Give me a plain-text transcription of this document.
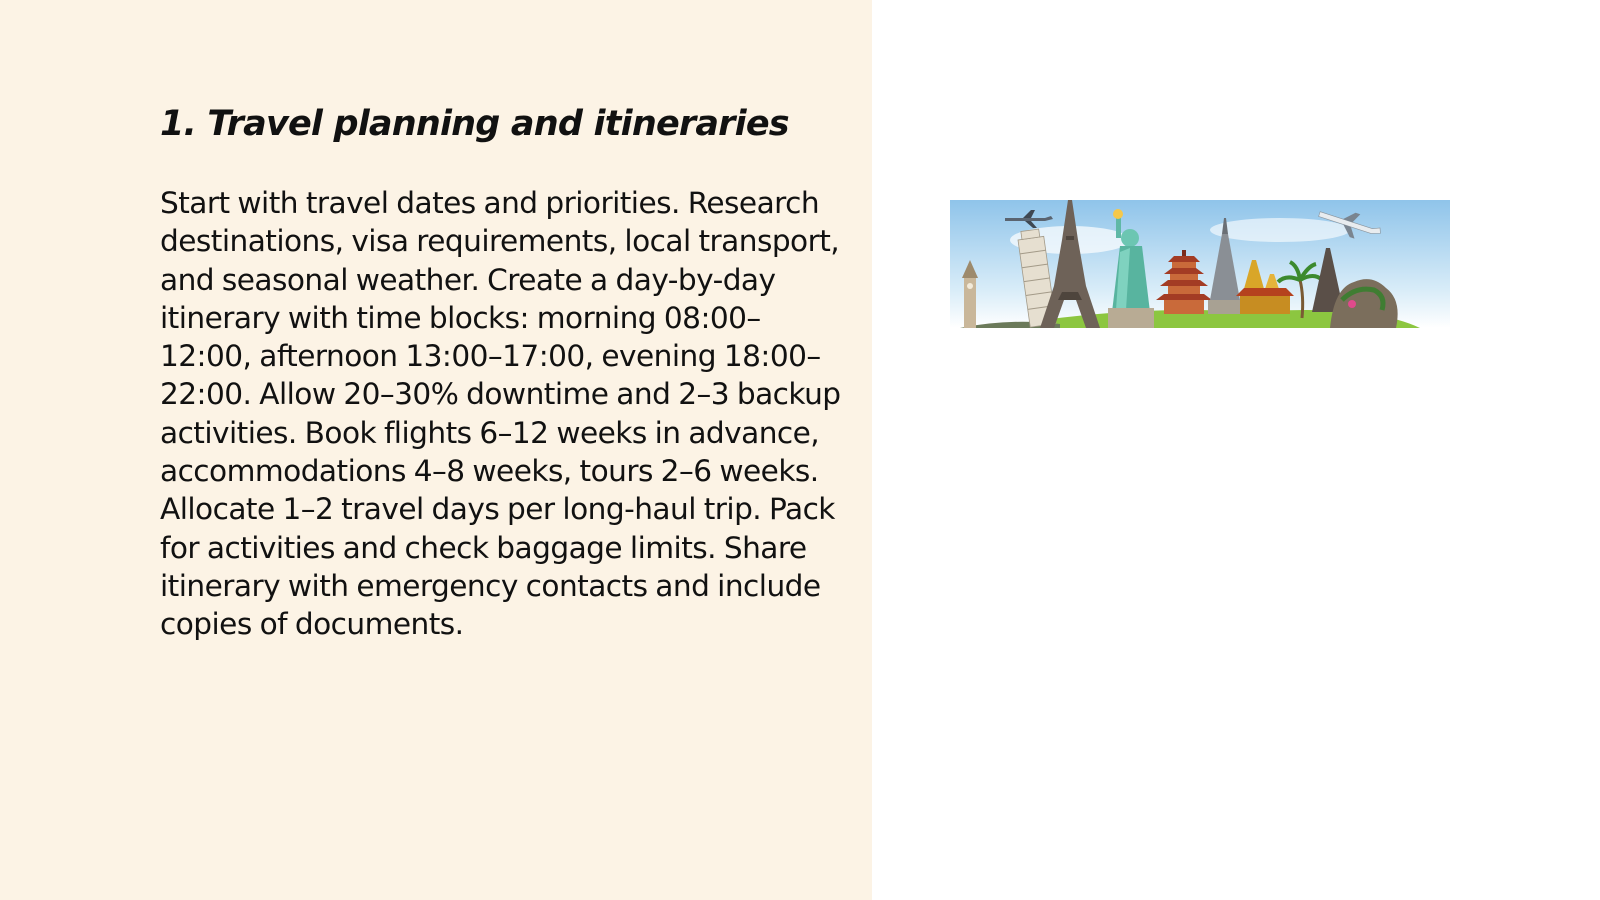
1. Travel planning and itineraries

Start with travel dates and priorities. Research destinations, visa requirements, local transport, and seasonal weather. Create a day-by-day itinerary with time blocks: morning 08:00–12:00, afternoon 13:00–17:00, evening 18:00–22:00. Allow 20–30% downtime and 2–3 backup activities. Book flights 6–12 weeks in advance, accommodations 4–8 weeks, tours 2–6 weeks. Allocate 1–2 travel days per long-haul trip. Pack for activities and check baggage limits. Share itinerary with emergency contacts and include copies of documents.
